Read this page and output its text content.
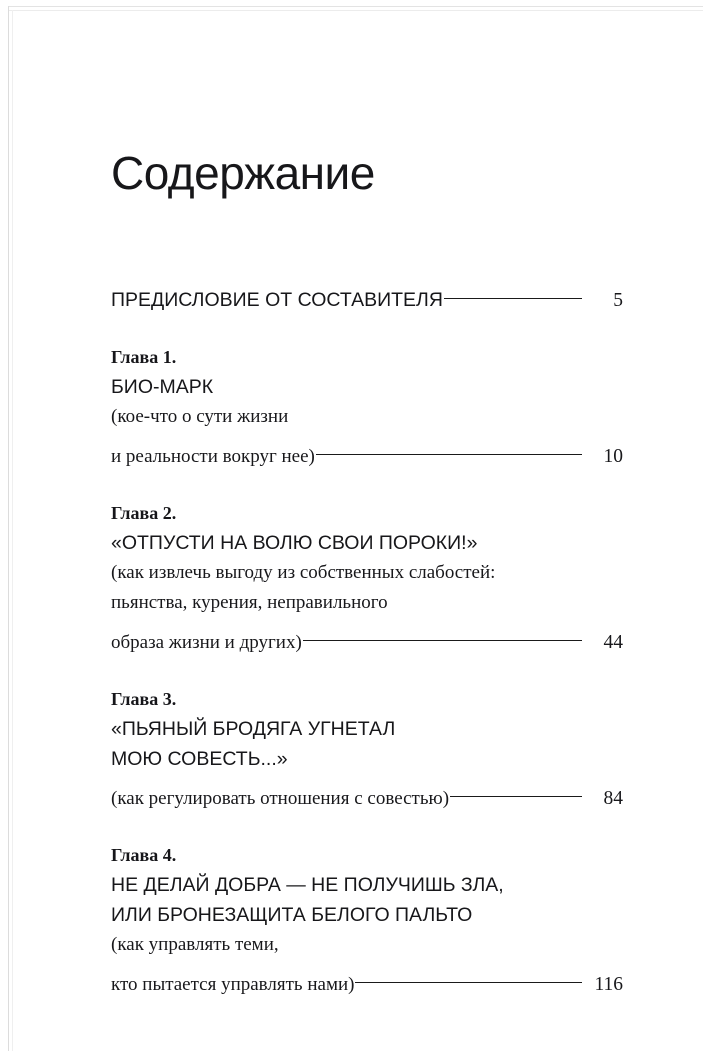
Содержание
ПРЕДИСЛОВИЕ ОТ СОСТАВИТЕЛЯ	5
Глава 1.
БИО-МАРК
(кое-что о сути жизни
и реальности вокруг нее)	10
Глава 2.
«ОТПУСТИ НА ВОЛЮ СВОИ ПОРОКИ!»
(как извлечь выгоду из собственных слабостей:
пьянства, курения, неправильного
образа жизни и других)	44
Глава 3.
«ПЬЯНЫЙ БРОДЯГА УГНЕТАЛ
МОЮ СОВЕСТЬ...»
(как регулировать отношения с совестью)	84
Глава 4.
НЕ ДЕЛАЙ ДОБРА — НЕ ПОЛУЧИШЬ ЗЛА,
ИЛИ БРОНЕЗАЩИТА БЕЛОГО ПАЛЬТО
(как управлять теми,
кто пытается управлять нами)	116
